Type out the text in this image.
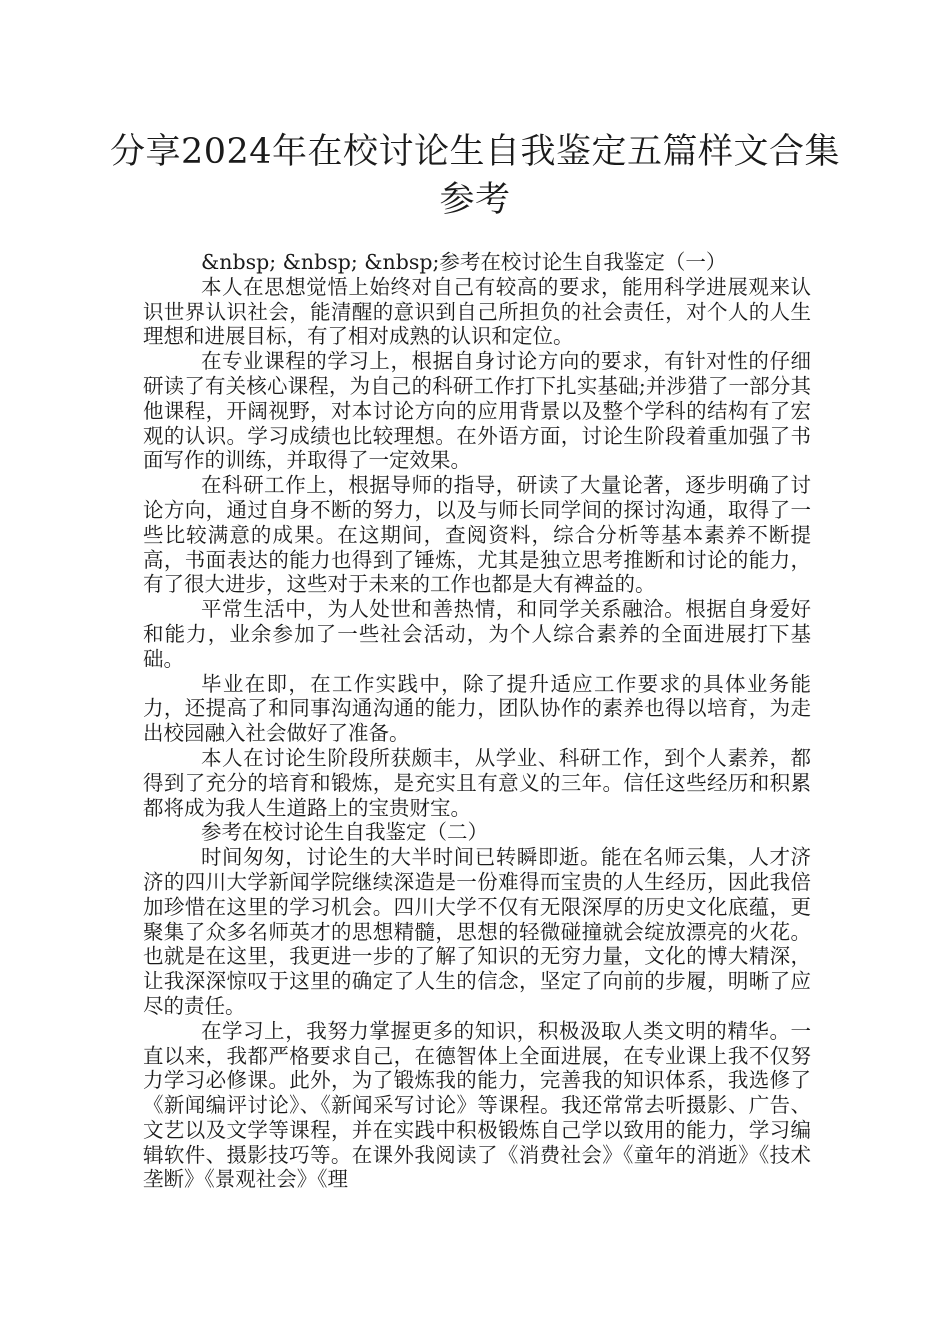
分享2024年在校讨论生自我鉴定五篇样文合集参考

&nbsp; &nbsp; &nbsp;参考在校讨论生自我鉴定（一）

本人在思想觉悟上始终对自己有较高的要求，能用科学进展观来认识世界认识社会，能清醒的意识到自己所担负的社会责任，对个人的人生理想和进展目标，有了相对成熟的认识和定位。

在专业课程的学习上，根据自身讨论方向的要求，有针对性的仔细研读了有关核心课程，为自己的科研工作打下扎实基础;并涉猎了一部分其他课程，开阔视野，对本讨论方向的应用背景以及整个学科的结构有了宏观的认识。学习成绩也比较理想。在外语方面，讨论生阶段着重加强了书面写作的训练，并取得了一定效果。

在科研工作上，根据导师的指导，研读了大量论著，逐步明确了讨论方向，通过自身不断的努力，以及与师长同学间的探讨沟通，取得了一些比较满意的成果。在这期间，查阅资料，综合分析等基本素养不断提高，书面表达的能力也得到了锤炼，尤其是独立思考推断和讨论的能力，有了很大进步，这些对于未来的工作也都是大有裨益的。

平常生活中，为人处世和善热情，和同学关系融洽。根据自身爱好和能力，业余参加了一些社会活动，为个人综合素养的全面进展打下基础。

毕业在即，在工作实践中，除了提升适应工作要求的具体业务能力，还提高了和同事沟通沟通的能力，团队协作的素养也得以培育，为走出校园融入社会做好了准备。

本人在讨论生阶段所获颇丰，从学业、科研工作，到个人素养，都得到了充分的培育和锻炼，是充实且有意义的三年。信任这些经历和积累都将成为我人生道路上的宝贵财宝。

参考在校讨论生自我鉴定（二）

时间匆匆，讨论生的大半时间已转瞬即逝。能在名师云集，人才济济的四川大学新闻学院继续深造是一份难得而宝贵的人生经历，因此我倍加珍惜在这里的学习机会。四川大学不仅有无限深厚的历史文化底蕴，更聚集了众多名师英才的思想精髓，思想的轻微碰撞就会绽放漂亮的火花。也就是在这里，我更进一步的了解了知识的无穷力量，文化的博大精深，让我深深惊叹于这里的确定了人生的信念，坚定了向前的步履，明晰了应尽的责任。

在学习上，我努力掌握更多的知识，积极汲取人类文明的精华。一直以来，我都严格要求自己，在德智体上全面进展，在专业课上我不仅努力学习必修课。此外，为了锻炼我的能力，完善我的知识体系，我选修了《新闻编评讨论》、《新闻采写讨论》等课程。我还常常去听摄影、广告、文艺以及文学等课程，并在实践中积极锻炼自己学以致用的能力，学习编辑软件、摄影技巧等。在课外我阅读了《消费社会》《童年的消逝》《技术垄断》《景观社会》《理
